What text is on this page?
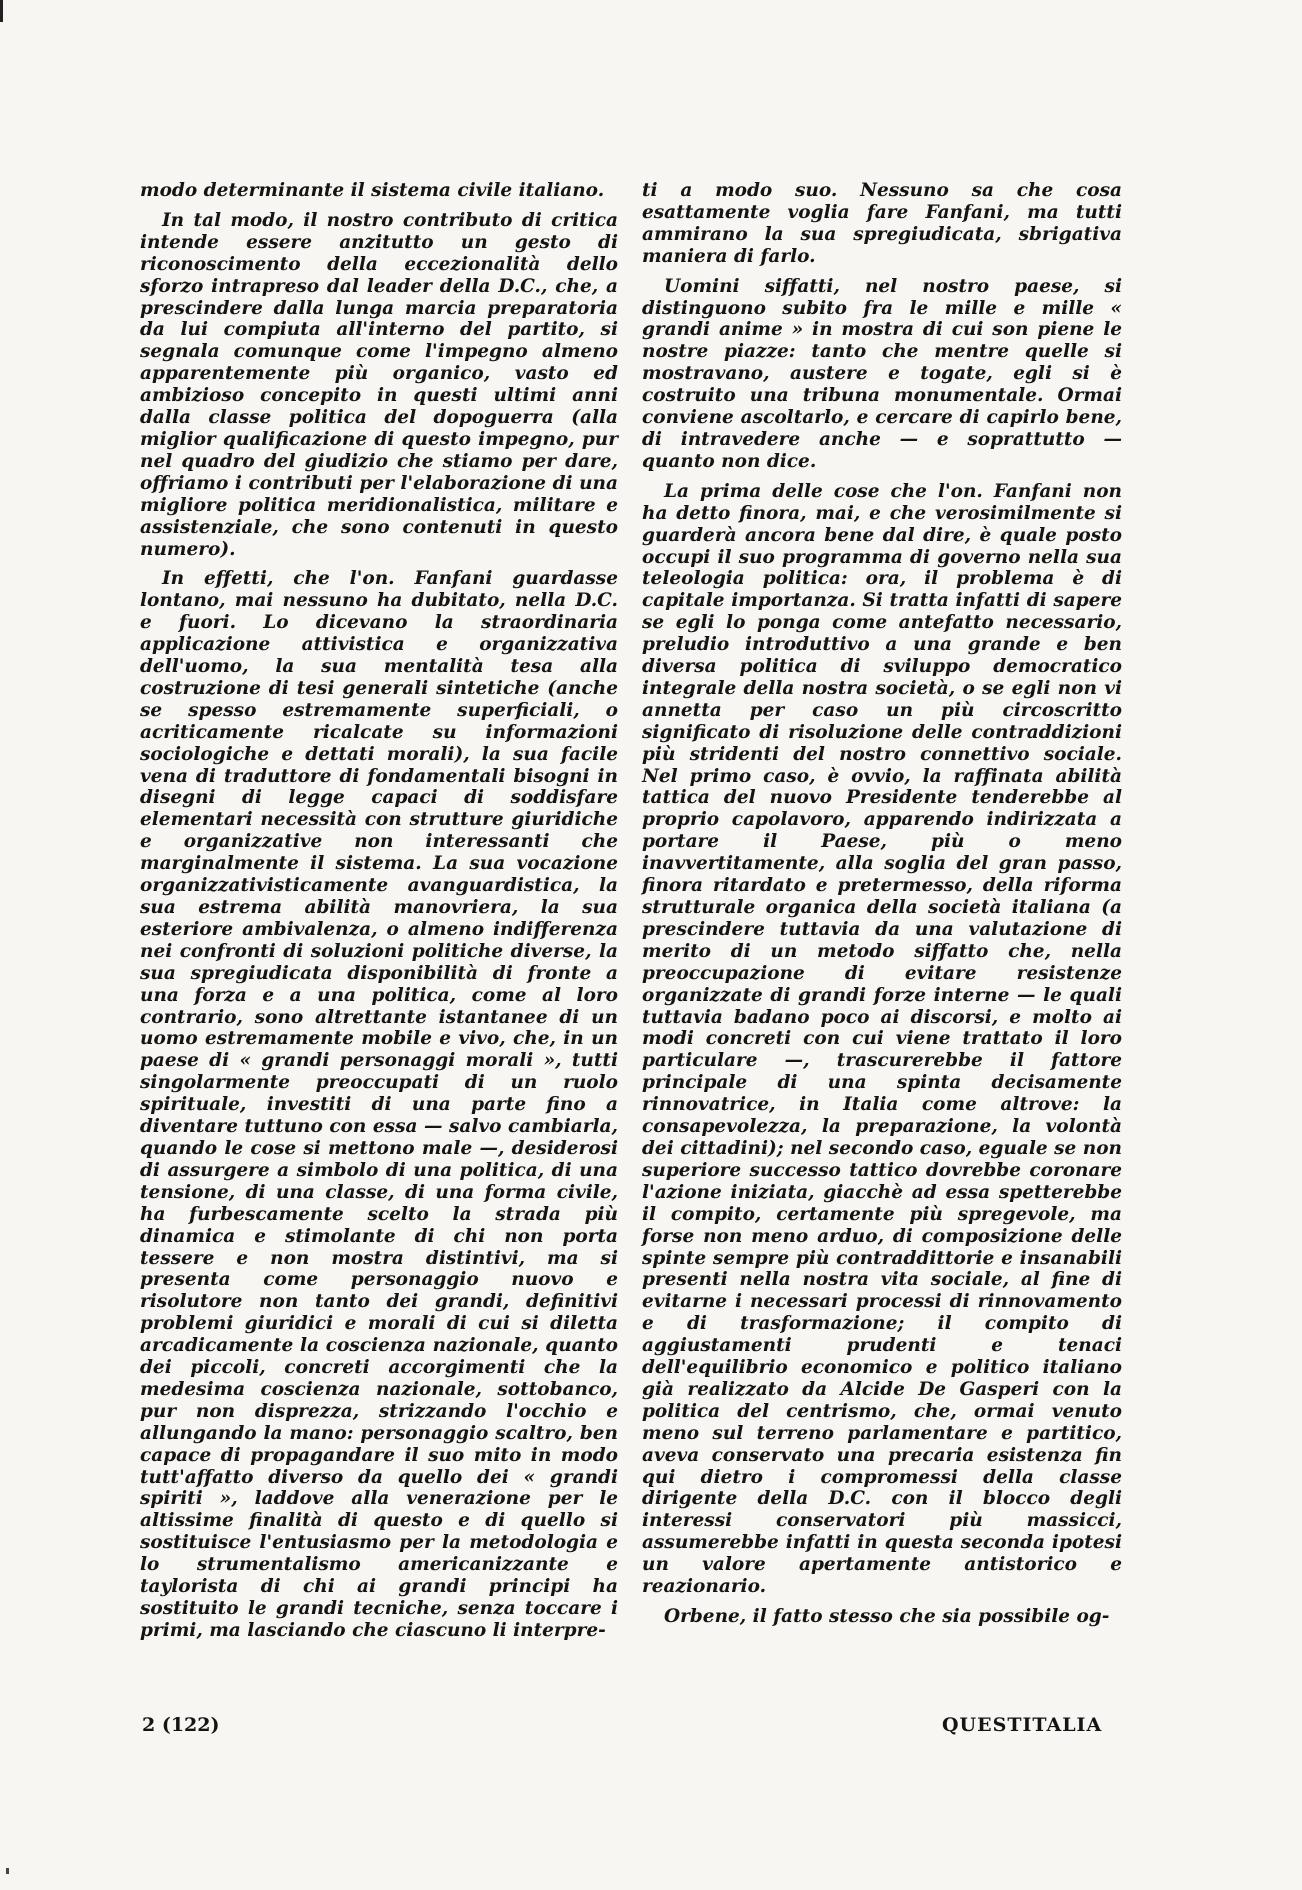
modo determinante il sistema civile italiano.

In tal modo, il nostro contributo di critica intende essere anzitutto un gesto di riconoscimento della eccezionalità dello sforzo intrapreso dal leader della D.C., che, a prescindere dalla lunga marcia preparatoria da lui compiuta all'interno del partito, si segnala comunque come l'impegno almeno apparentemente più organico, vasto ed ambizioso concepito in questi ultimi anni dalla classe politica del dopoguerra (alla miglior qualificazione di questo impegno, pur nel quadro del giudizio che stiamo per dare, offriamo i contributi per l'elaborazione di una migliore politica meridionalistica, militare e assistenziale, che sono contenuti in questo numero).

In effetti, che l'on. Fanfani guardasse lontano, mai nessuno ha dubitato, nella D.C. e fuori. Lo dicevano la straordinaria applicazione attivistica e organizzativa dell'uomo, la sua mentalità tesa alla costruzione di tesi generali sintetiche (anche se spesso estremamente superficiali, o acriticamente ricalcate su informazioni sociologiche e dettati morali), la sua facile vena di traduttore di fondamentali bisogni in disegni di legge capaci di soddisfare elementari necessità con strutture giuridiche e organizzative non interessanti che marginalmente il sistema. La sua vocazione organizzativisticamente avanguardistica, la sua estrema abilità manovriera, la sua esteriore ambivalenza, o almeno indifferenza nei confronti di soluzioni politiche diverse, la sua spregiudicata disponibilità di fronte a una forza e a una politica, come al loro contrario, sono altrettante istantanee di un uomo estremamente mobile e vivo, che, in un paese di « grandi personaggi morali », tutti singolarmente preoccupati di un ruolo spirituale, investiti di una parte fino a diventare tuttuno con essa — salvo cambiarla, quando le cose si mettono male —, desiderosi di assurgere a simbolo di una politica, di una tensione, di una classe, di una forma civile, ha furbescamente scelto la strada più dinamica e stimolante di chi non porta tessere e non mostra distintivi, ma si presenta come personaggio nuovo e risolutore non tanto dei grandi, definitivi problemi giuridici e morali di cui si diletta arcadicamente la coscienza nazionale, quanto dei piccoli, concreti accorgimenti che la medesima coscienza nazionale, sottobanco, pur non disprezza, strizzando l'occhio e allungando la mano: personaggio scaltro, ben capace di propagandare il suo mito in modo tutt'affatto diverso da quello dei « grandi spiriti », laddove alla venerazione per le altissime finalità di questo e di quello si sostituisce l'entusiasmo per la metodologia e lo strumentalismo americanizzante e taylorista di chi ai grandi principi ha sostituito le grandi tecniche, senza toccare i primi, ma lasciando che ciascuno li interpre-

ti a modo suo. Nessuno sa che cosa esattamente voglia fare Fanfani, ma tutti ammirano la sua spregiudicata, sbrigativa maniera di farlo.

Uomini siffatti, nel nostro paese, si distinguono subito fra le mille e mille « grandi anime » in mostra di cui son piene le nostre piazze: tanto che mentre quelle si mostravano, austere e togate, egli si è costruito una tribuna monumentale. Ormai conviene ascoltarlo, e cercare di capirlo bene, di intravedere anche — e soprattutto — quanto non dice.

La prima delle cose che l'on. Fanfani non ha detto finora, mai, e che verosimilmente si guarderà ancora bene dal dire, è quale posto occupi il suo programma di governo nella sua teleologia politica: ora, il problema è di capitale importanza. Si tratta infatti di sapere se egli lo ponga come antefatto necessario, preludio introduttivo a una grande e ben diversa politica di sviluppo democratico integrale della nostra società, o se egli non vi annetta per caso un più circoscritto significato di risoluzione delle contraddizioni più stridenti del nostro connettivo sociale. Nel primo caso, è ovvio, la raffinata abilità tattica del nuovo Presidente tenderebbe al proprio capolavoro, apparendo indirizzata a portare il Paese, più o meno inavvertitamente, alla soglia del gran passo, finora ritardato e pretermesso, della riforma strutturale organica della società italiana (a prescindere tuttavia da una valutazione di merito di un metodo siffatto che, nella preoccupazione di evitare resistenze organizzate di grandi forze interne — le quali tuttavia badano poco ai discorsi, e molto ai modi concreti con cui viene trattato il loro particulare —, trascurerebbe il fattore principale di una spinta decisamente rinnovatrice, in Italia come altrove: la consapevolezza, la preparazione, la volontà dei cittadini); nel secondo caso, eguale se non superiore successo tattico dovrebbe coronare l'azione iniziata, giacchè ad essa spetterebbe il compito, certamente più spregevole, ma forse non meno arduo, di composizione delle spinte sempre più contraddittorie e insanabili presenti nella nostra vita sociale, al fine di evitarne i necessari processi di rinnovamento e di trasformazione; il compito di aggiustamenti prudenti e tenaci dell'equilibrio economico e politico italiano già realizzato da Alcide De Gasperi con la politica del centrismo, che, ormai venuto meno sul terreno parlamentare e partitico, aveva conservato una precaria esistenza fin qui dietro i compromessi della classe dirigente della D.C. con il blocco degli interessi conservatori più massicci, assumerebbe infatti in questa seconda ipotesi un valore apertamente antistorico e reazionario.

Orbene, il fatto stesso che sia possibile og-

2 (122)	QUESTITALIA
